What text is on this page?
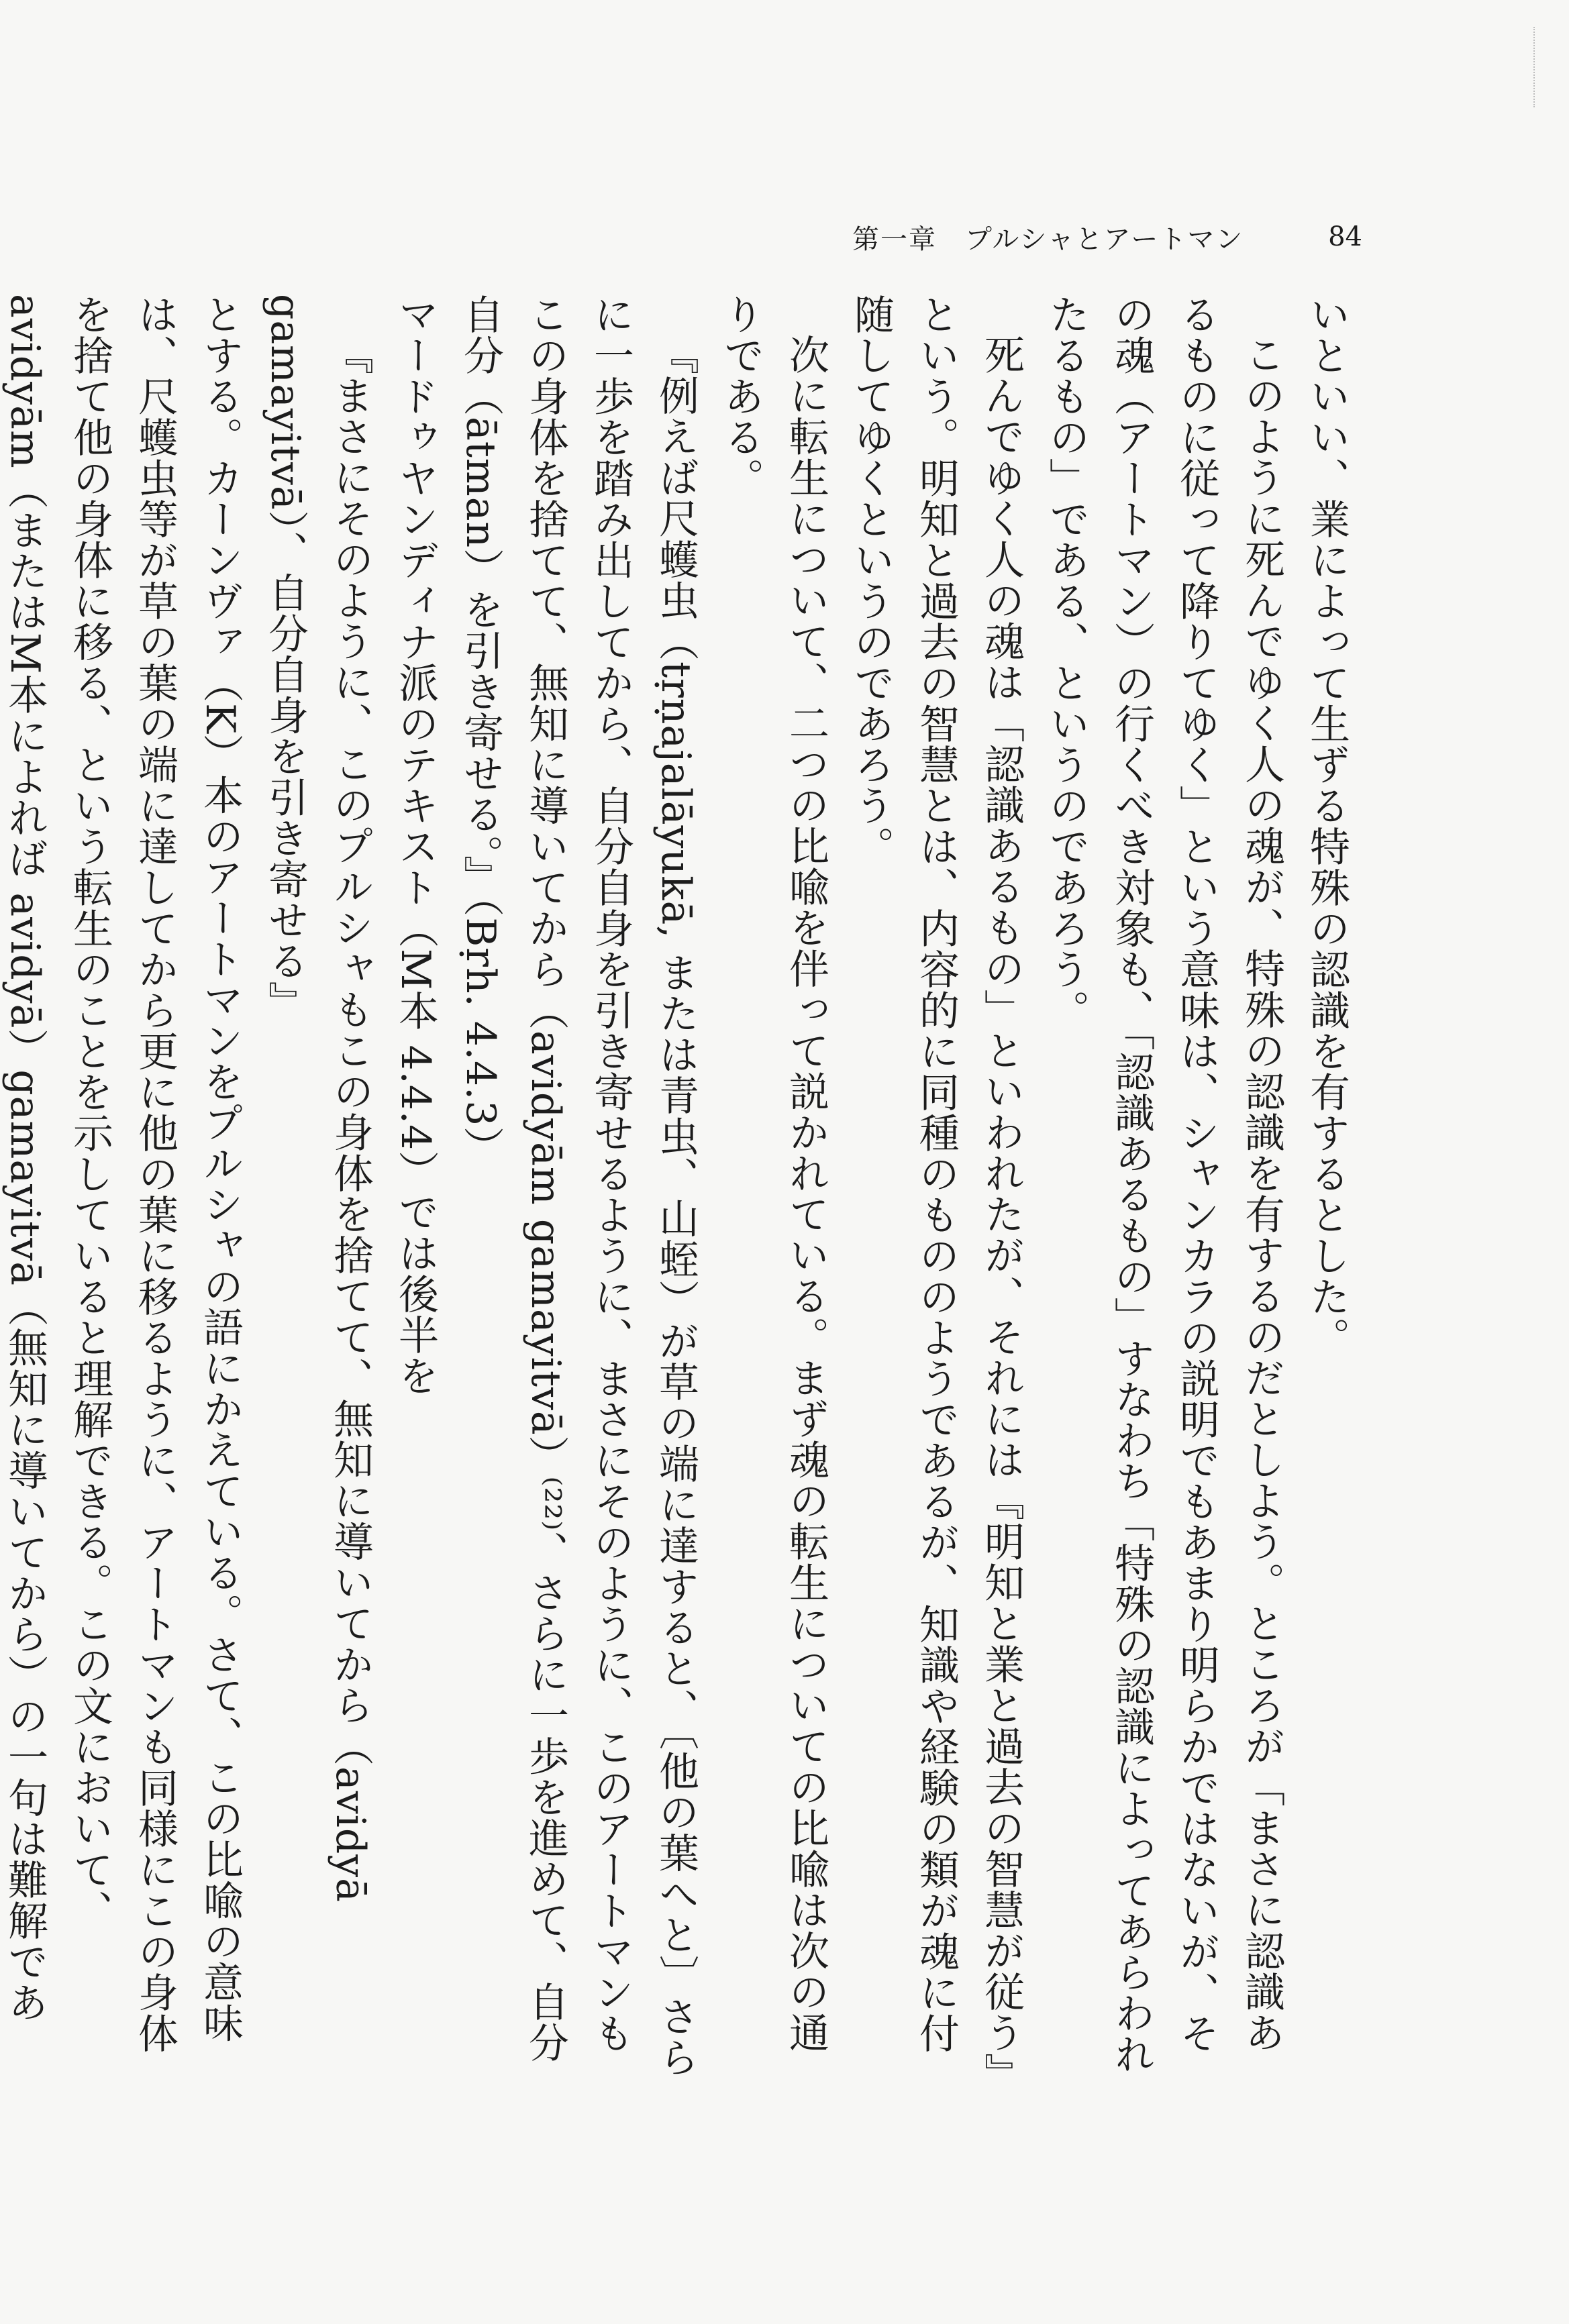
第一章　プルシャとアートマン	84

いといい、業によって生ずる特殊の認識を有するとした。

このように死んでゆく人の魂が、特殊の認識を有するのだとしよう。ところが「まさに認識あるものに従って降りてゆく」という意味は、シャンカラの説明でもあまり明らかではないが、その魂（アートマン）の行くべき対象も、「認識あるもの」すなわち「特殊の認識によってあらわれたるもの」である、というのであろう。

死んでゆく人の魂は「認識あるもの」といわれたが、それには『明知と業と過去の智慧が従う』という。明知と過去の智慧とは、内容的に同種のもののようであるが、知識や経験の類が魂に付随してゆくというのであろう。

次に転生について、二つの比喩を伴って説かれている。まず魂の転生についての比喩は次の通りである。

『例えば尺蠖虫（tṛṇajalāyukā, または青虫、山蛭）が草の端に達すると、〔他の葉へと〕さらに一歩を踏み出してから、自分自身を引き寄せるように、まさにそのように、このアートマンもこの身体を捨てて、無知に導いてから（avidyām gamayitvā）⁽²²⁾、さらに一歩を進めて、自分自分（ātman）を引き寄せる。』（Bṛh. 4.4.3）

マードゥヤンディナ派のテキスト（M本 4.4.4）では後半を

『まさにそのように、このプルシャもこの身体を捨てて、無知に導いてから（avidyā gamayitvā）、自分自身を引き寄せる』

とする。カーンヴァ（K）本のアートマンをプルシャの語にかえている。さて、この比喩の意味は、尺蠖虫等が草の葉の端に達してから更に他の葉に移るように、アートマンも同様にこの身体を捨て他の身体に移る、という転生のことを示していると理解できる。この文において、avidyām（またはM本によれば avidyā）gamayitvā（無知に導いてから）の一句は難解であ
